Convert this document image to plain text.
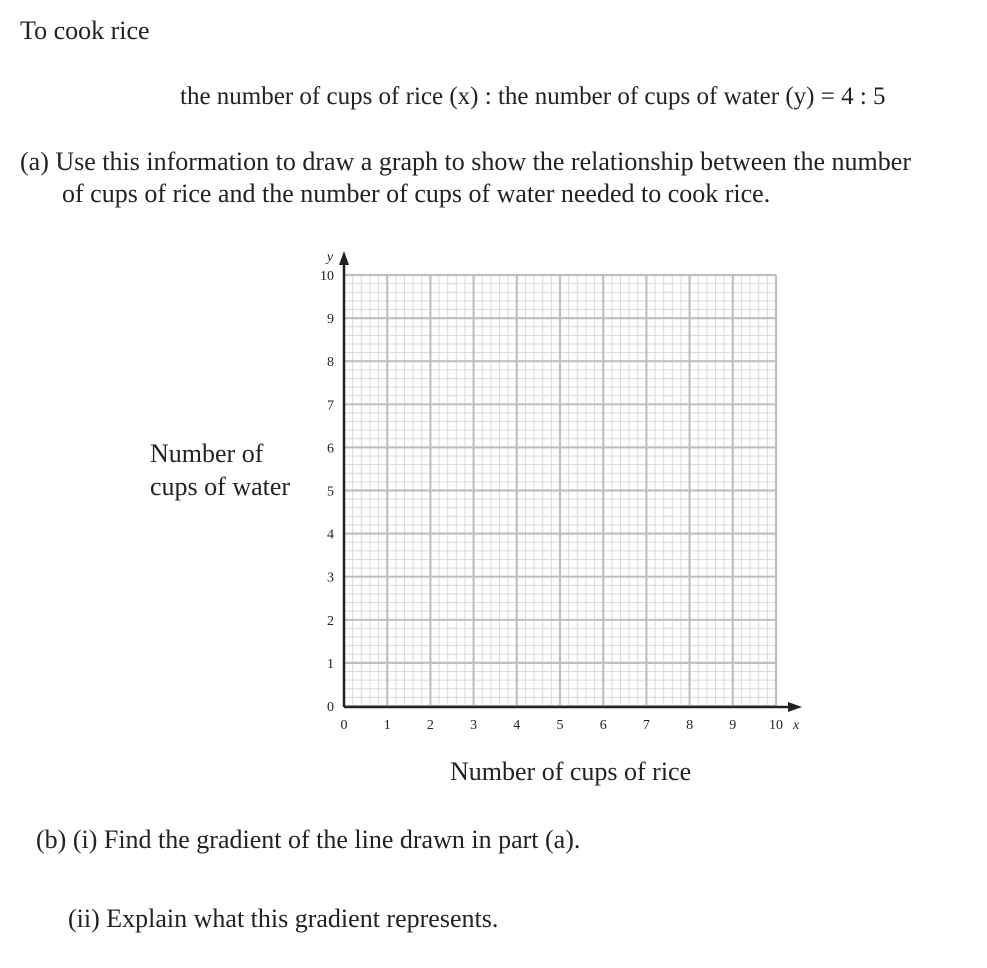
To cook rice
the number of cups of rice (x) : the number of cups of water (y) = 4 : 5
(a) Use this information to draw a graph to show the relationship between the number
of cups of rice and the number of cups of water needed to cook rice.
0	1	2	3	4	5	6	7	8	9 10
0
1
2
3
4
5
6
7
8
9
10
x
y
Number of
cups of water
Number of cups of rice
(b) (i) Find the gradient of the line drawn in part (a).
(ii) Explain what this gradient represents.
